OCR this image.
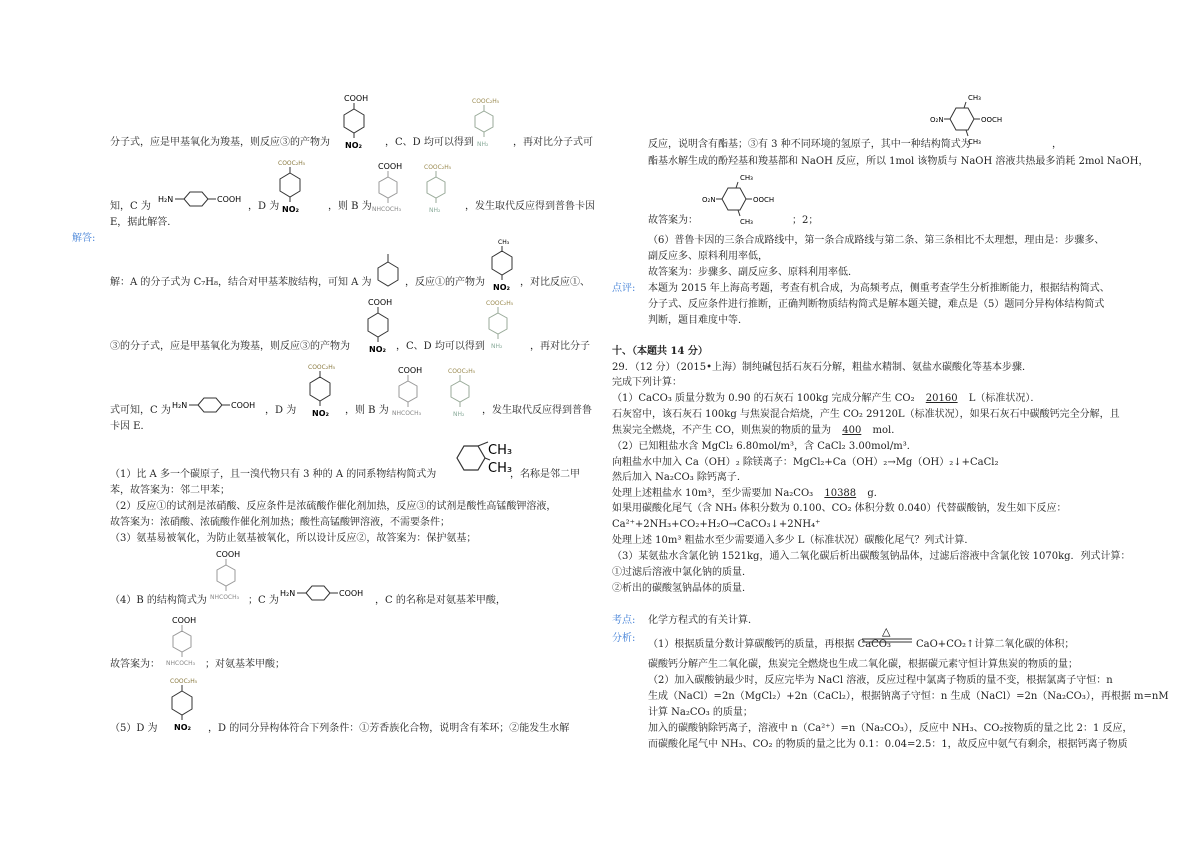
分子式，应是甲基氧化为羧基，则反应③的产物为	，C、D 均可以得到	，再对比分子式可
知，C 为	，D 为	，则 B 为	，发生取代反应得到普鲁卡因
E，据此解答．
解答:
解：A 的分子式为 C₇H₈，结合对甲基苯胺结构，可知 A 为	，反应①的产物为	，对比反应①、
③的分子式，应是甲基氧化为羧基，则反应③的产物为	，C、D 均可以得到	，再对比分子
式可知，C 为	，D 为	，则 B 为	，发生取代反应得到普鲁
卡因 E．
（1）比 A 多一个碳原子，且一溴代物只有 3 种的 A 的同系物结构简式为	，名称是邻二甲
苯，故答案为：邻二甲苯；
（2）反应①的试剂是浓硝酸、反应条件是浓硫酸作催化剂加热，反应③的试剂是酸性高锰酸钾溶液，
故答案为：浓硝酸、浓硫酸作催化剂加热；酸性高锰酸钾溶液，不需要条件；
（3）氨基易被氧化，为防止氨基被氧化，所以设计反应②，故答案为：保护氨基；
（4）B 的结构简式为	；C 为	，C 的名称是对氨基苯甲酸，
故答案为：	；对氨基苯甲酸；
（5）D 为	，D 的同分异构体符合下列条件：①芳香族化合物，说明含有苯环；②能发生水解
COOH
NO₂
COOC₂H₅
NH₂
H₂N	COOH
COOC₂H₅
NO₂
COOH
NHCOCH₃
COOC₂H₅
NH₂
CH₃
NO₂
COOH
NO₂
COOC₂H₅
NH₂
H₂N	COOH
COOC₂H₅
NO₂
COOH
NHCOCH₃
COOC₂H₅
NH₂
CH₃
CH₃
COOH
NHCOCH₃	H₂N	COOH
COOH
NHCOCH₃
COOC₂H₅
NO₂
CH₃
O₂N	OOCH
CH₃
反应，说明含有酯基；③有 3 种不同环境的氢原子，其中一种结构简式为	，
酯基水解生成的酚羟基和羧基都和 NaOH 反应，所以 1mol 该物质与 NaOH 溶液共热最多消耗 2mol NaOH，
CH₃
O₂N	OOCH
CH₃
故答案为：	；2；
（6）普鲁卡因的三条合成路线中，第一条合成路线与第二条、第三条相比不太理想，理由是：步骤多、
副反应多、原料利用率低，
故答案为：步骤多、副反应多、原料利用率低．
点评: 本题为 2015 年上海高考题，考查有机合成，为高频考点，侧重考查学生分析推断能力，根据结构简式、
分子式、反应条件进行推断，正确判断物质结构简式是解本题关键，难点是（5）题同分异构体结构简式
判断，题目难度中等．
十、（本题共 14 分）
29．（12 分）（2015•上海）制纯碱包括石灰石分解，粗盐水精制、氨盐水碳酸化等基本步骤．
完成下列计算：
（1）CaCO₃ 质量分数为 0.90 的石灰石 100kg 完成分解产生 CO₂ 20160 L（标准状况）．
石灰窑中，该石灰石 100kg 与焦炭混合焙烧，产生 CO₂ 29120L（标准状况），如果石灰石中碳酸钙完全分解，且
焦炭完全燃烧，不产生 CO，则焦炭的物质的量为 400 mol．
（2）已知粗盐水含 MgCl₂ 6.80mol/m³，含 CaCl₂ 3.00mol/m³．
向粗盐水中加入 Ca（OH）₂ 除镁离子：MgCl₂+Ca（OH）₂→Mg（OH）₂↓+CaCl₂
然后加入 Na₂CO₃ 除钙离子．
处理上述粗盐水 10m³，至少需要加 Na₂CO₃ 10388 g．
如果用碳酸化尾气（含 NH₃ 体积分数为 0.100、CO₂ 体积分数 0.040）代替碳酸钠，发生如下反应：
Ca²⁺+2NH₃+CO₂+H₂O→CaCO₃↓+2NH₄⁺
处理上述 10m³ 粗盐水至少需要通入多少 L（标准状况）碳酸化尾气？列式计算．
（3）某氨盐水含氯化钠 1521kg，通入二氧化碳后析出碳酸氢钠晶体，过滤后溶液中含氯化铵 1070kg．列式计算：
①过滤后溶液中氯化钠的质量．
②析出的碳酸氢钠晶体的质量．
考点: 化学方程式的有关计算．
分析:
（1）根据质量分数计算碳酸钙的质量，再根据 CaCO₃
△
CaO+CO₂↑计算二氧化碳的体积；
碳酸钙分解产生二氧化碳，焦炭完全燃烧也生成二氧化碳，根据碳元素守恒计算焦炭的物质的量；
（2）加入碳酸钠最少时，反应完毕为 NaCl 溶液，反应过程中氯离子物质的量不变，根据氯离子守恒：n
生成（NaCl）=2n（MgCl₂）+2n（CaCl₂），根据钠离子守恒：n 生成（NaCl）=2n（Na₂CO₃），再根据 m=nM
计算 Na₂CO₃ 的质量；
加入的碳酸钠除钙离子，溶液中 n（Ca²⁺）=n（Na₂CO₃），反应中 NH₃、CO₂按物质的量之比 2：1 反应，
而碳酸化尾气中 NH₃、CO₂ 的物质的量之比为 0.1：0.04=2.5：1，故反应中氨气有剩余，根据钙离子物质
